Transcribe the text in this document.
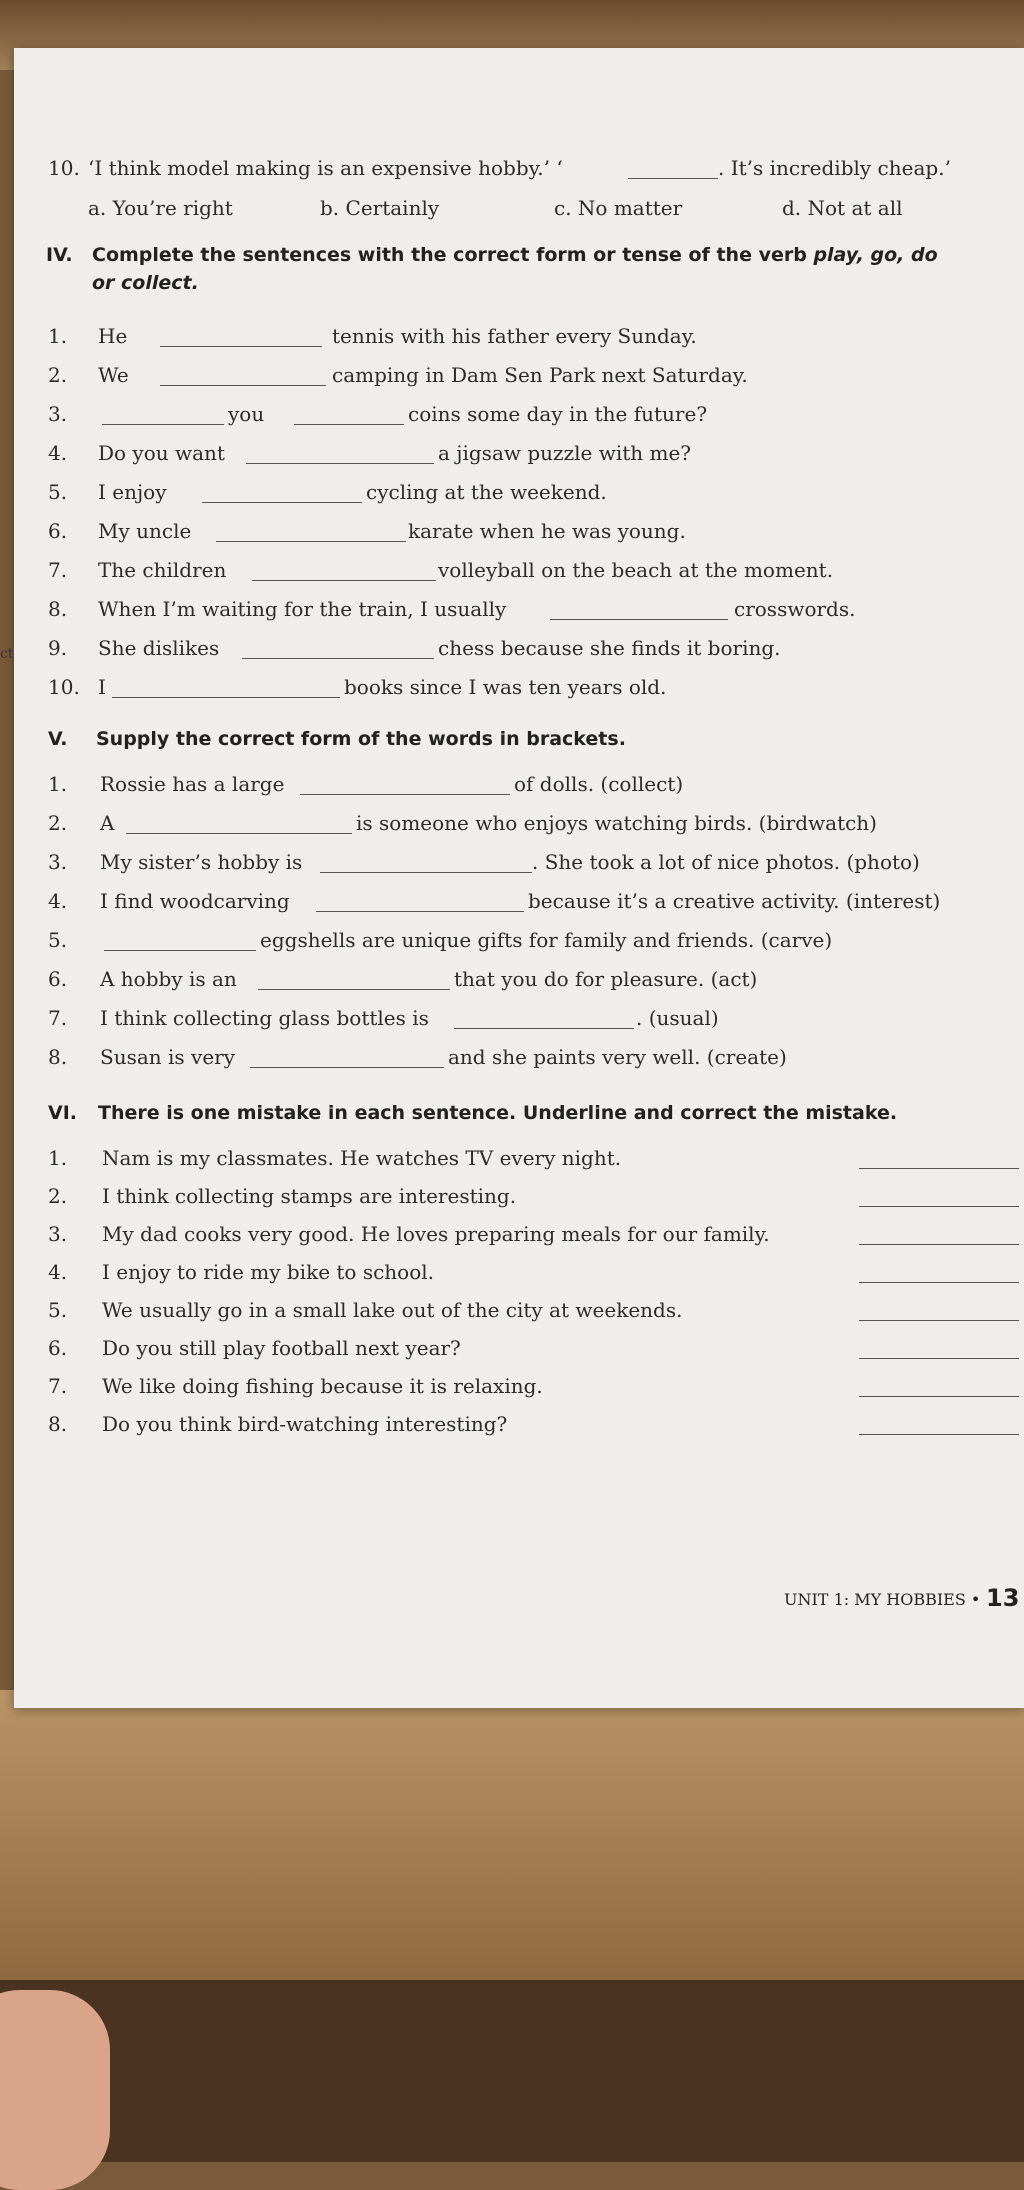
10. ‘I think model making is an expensive hobby.’ ‘	. It’s incredibly cheap.’
a. You’re right	b. Certainly	c. No matter	d. Not at all
IV. Complete the sentences with the correct form or tense of the verb play, go, do
or collect.
1. He	tennis with his father every Sunday.
2. We	camping in Dam Sen Park next Saturday.
3.	you	coins some day in the future?
4. Do you want	a jigsaw puzzle with me?
5. I enjoy	cycling at the weekend.
6. My uncle	karate when he was young.
7. The children	volleyball on the beach at the moment.
8. When I’m waiting for the train, I usually	crosswords.
9. She dislikes	chess because she finds it boring.
10. I	books since I was ten years old.
V. Supply the correct form of the words in brackets.
1. Rossie has a large	of dolls. (collect)
2. A	is someone who enjoys watching birds. (birdwatch)
3. My sister’s hobby is	. She took a lot of nice photos. (photo)
4. I find woodcarving	because it’s a creative activity. (interest)
5.	eggshells are unique gifts for family and friends. (carve)
6. A hobby is an	that you do for pleasure. (act)
7. I think collecting glass bottles is	. (usual)
8. Susan is very	and she paints very well. (create)
VI. There is one mistake in each sentence. Underline and correct the mistake.
1. Nam is my classmates. He watches TV every night.
2. I think collecting stamps are interesting.
3. My dad cooks very good. He loves preparing meals for our family.
4. I enjoy to ride my bike to school.
5. We usually go in a small lake out of the city at weekends.
6. Do you still play football next year?
7. We like doing fishing because it is relaxing.
8. Do you think bird-watching interesting?
UNIT 1: MY HOBBIES • 13
ct
